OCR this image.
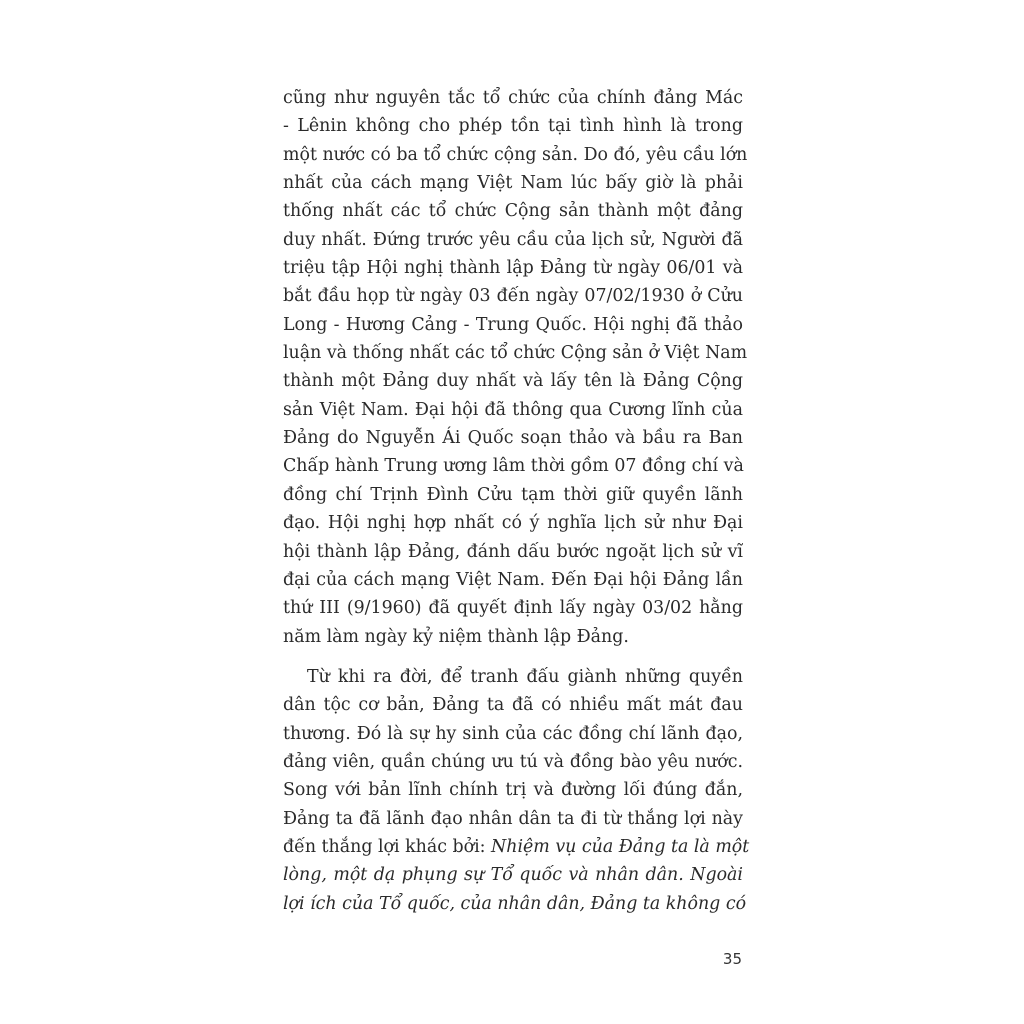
cũng như nguyên tắc tổ chức của chính đảng Mác
- Lênin không cho phép tồn tại tình hình là trong
một nước có ba tổ chức cộng sản. Do đó, yêu cầu lớn
nhất của cách mạng Việt Nam lúc bấy giờ là phải
thống nhất các tổ chức Cộng sản thành một đảng
duy nhất. Đứng trước yêu cầu của lịch sử, Người đã
triệu tập Hội nghị thành lập Đảng từ ngày 06/01 và
bắt đầu họp từ ngày 03 đến ngày 07/02/1930 ở Cửu
Long - Hương Cảng - Trung Quốc. Hội nghị đã thảo
luận và thống nhất các tổ chức Cộng sản ở Việt Nam
thành một Đảng duy nhất và lấy tên là Đảng Cộng
sản Việt Nam. Đại hội đã thông qua Cương lĩnh của
Đảng do Nguyễn Ái Quốc soạn thảo và bầu ra Ban
Chấp hành Trung ương lâm thời gồm 07 đồng chí và
đồng chí Trịnh Đình Cửu tạm thời giữ quyền lãnh
đạo. Hội nghị hợp nhất có ý nghĩa lịch sử như Đại
hội thành lập Đảng, đánh dấu bước ngoặt lịch sử vĩ
đại của cách mạng Việt Nam. Đến Đại hội Đảng lần
thứ III (9/1960) đã quyết định lấy ngày 03/02 hằng
năm làm ngày kỷ niệm thành lập Đảng.
Từ khi ra đời, để tranh đấu giành những quyền
dân tộc cơ bản, Đảng ta đã có nhiều mất mát đau
thương. Đó là sự hy sinh của các đồng chí lãnh đạo,
đảng viên, quần chúng ưu tú và đồng bào yêu nước.
Song với bản lĩnh chính trị và đường lối đúng đắn,
Đảng ta đã lãnh đạo nhân dân ta đi từ thắng lợi này
đến thắng lợi khác bởi: Nhiệm vụ của Đảng ta là một
lòng, một dạ phụng sự Tổ quốc và nhân dân. Ngoài
lợi ích của Tổ quốc, của nhân dân, Đảng ta không có
35
